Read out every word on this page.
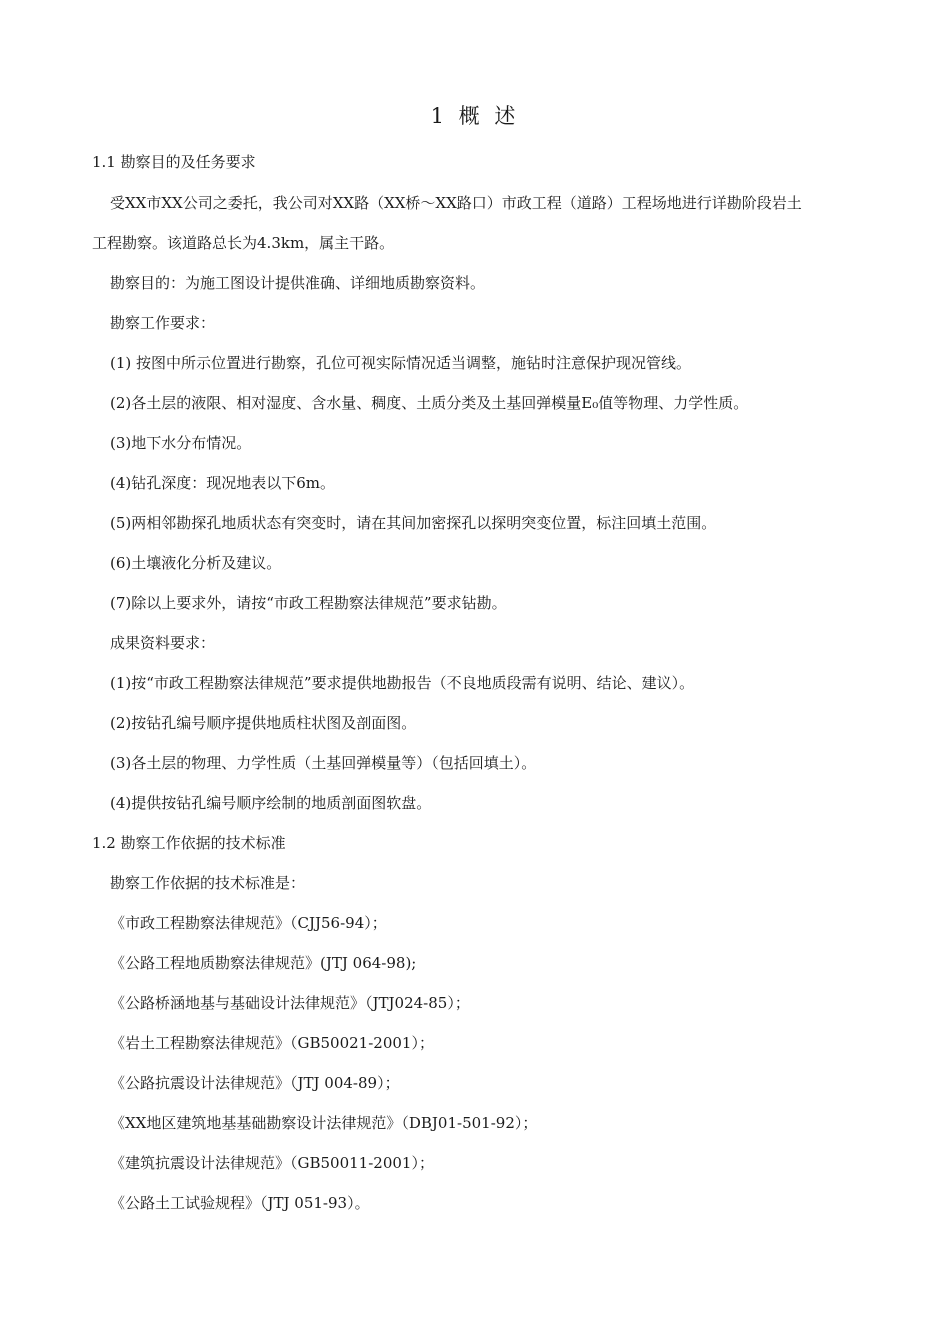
1 概 述
1.1 勘察目的及任务要求
受XX市XX公司之委托，我公司对XX路（XX桥～XX路口）市政工程（道路）工程场地进行详勘阶段岩土
工程勘察。该道路总长为4.3km，属主干路。
勘察目的：为施工图设计提供准确、详细地质勘察资料。
勘察工作要求：
(1) 按图中所示位置进行勘察，孔位可视实际情况适当调整，施钻时注意保护现况管线。
(2)各土层的液限、相对湿度、含水量、稠度、土质分类及土基回弹模量E₀值等物理、力学性质。
(3)地下水分布情况。
(4)钻孔深度：现况地表以下6m。
(5)两相邻勘探孔地质状态有突变时，请在其间加密探孔以探明突变位置，标注回填土范围。
(6)土壤液化分析及建议。
(7)除以上要求外，请按“市政工程勘察法律规范”要求钻勘。
成果资料要求：
(1)按“市政工程勘察法律规范”要求提供地勘报告（不良地质段需有说明、结论、建议）。
(2)按钻孔编号顺序提供地质柱状图及剖面图。
(3)各土层的物理、力学性质（土基回弹模量等）（包括回填土）。
(4)提供按钻孔编号顺序绘制的地质剖面图软盘。
1.2 勘察工作依据的技术标准
勘察工作依据的技术标准是：
《市政工程勘察法律规范》（CJJ56-94）；
《公路工程地质勘察法律规范》(JTJ 064-98);
《公路桥涵地基与基础设计法律规范》（JTJ024-85）；
《岩土工程勘察法律规范》（GB50021-2001）；
《公路抗震设计法律规范》（JTJ 004-89）；
《XX地区建筑地基基础勘察设计法律规范》（DBJ01-501-92）；
《建筑抗震设计法律规范》（GB50011-2001）；
《公路土工试验规程》（JTJ 051-93）。
